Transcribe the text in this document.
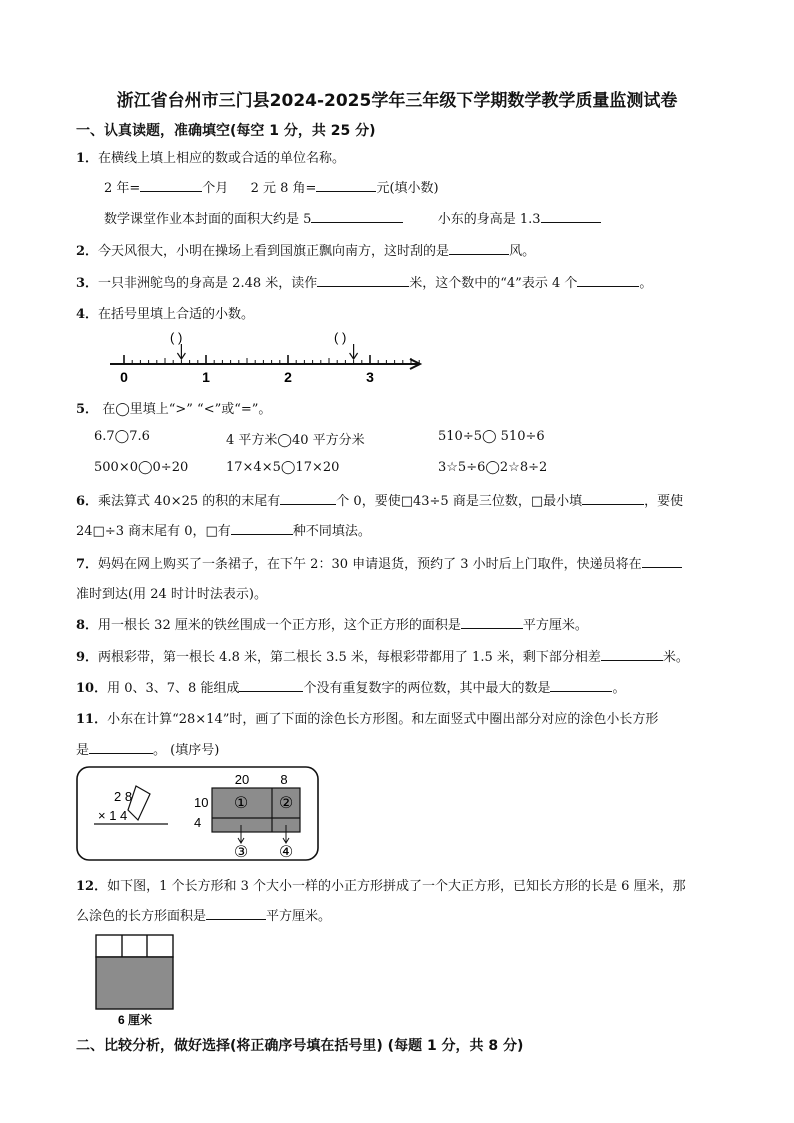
浙江省台州市三门县2024-2025学年三年级下学期数学教学质量监测试卷
一、认真读题，准确填空(每空 1 分，共 25 分)
1．在横线上填上相应的数或合适的单位名称。
2 年=	个月 2 元 8 角=	元(填小数)
数学课堂作业本封面的面积大约是 5	小东的身高是 1.3
2．今天风很大，小明在操场上看到国旗正飘向南方，这时刮的是	风。
3．一只非洲鸵鸟的身高是 2.48 米，读作	米，这个数中的“4”表示 4 个	。
4．在括号里填上合适的小数。
( )	( )
0	1	2	3
5． 在◯里填上“>” “<”或“=”。
6.7◯7.6	4 平方米◯40 平方分米	510÷5◯ 510÷6
500×0◯0÷20	17×4×5◯17×20	3☆5÷6◯2☆8÷2
6．乘法算式 40×25 的积的末尾有	个 0，要使□43÷5 商是三位数，□最小填	，要使
24□÷3 商末尾有 0，□有	种不同填法。
7．妈妈在网上购买了一条裙子，在下午 2：30 申请退货，预约了 3 小时后上门取件，快递员将在
准时到达(用 24 时计时法表示)。
8．用一根长 32 厘米的铁丝围成一个正方形，这个正方形的面积是	平方厘米。
9．两根彩带，第一根长 4.8 米，第二根长 3.5 米，每根彩带都用了 1.5 米，剩下部分相差	米。
10．用 0、3、7、8 能组成	个没有重复数字的两位数，其中最大的数是	。
11．小东在计算“28×14”时，画了下面的涂色长方形图。和左面竖式中圈出部分对应的涂色小长方形
是	。 (填序号)
2 8
× 1 4
20 8
10
4
① ②
③ ④
12．如下图，1 个长方形和 3 个大小一样的小正方形拼成了一个大正方形，已知长方形的长是 6 厘米，那
么涂色的长方形面积是	平方厘米。
6 厘米
二、比较分析，做好选择(将正确序号填在括号里) (每题 1 分，共 8 分)
